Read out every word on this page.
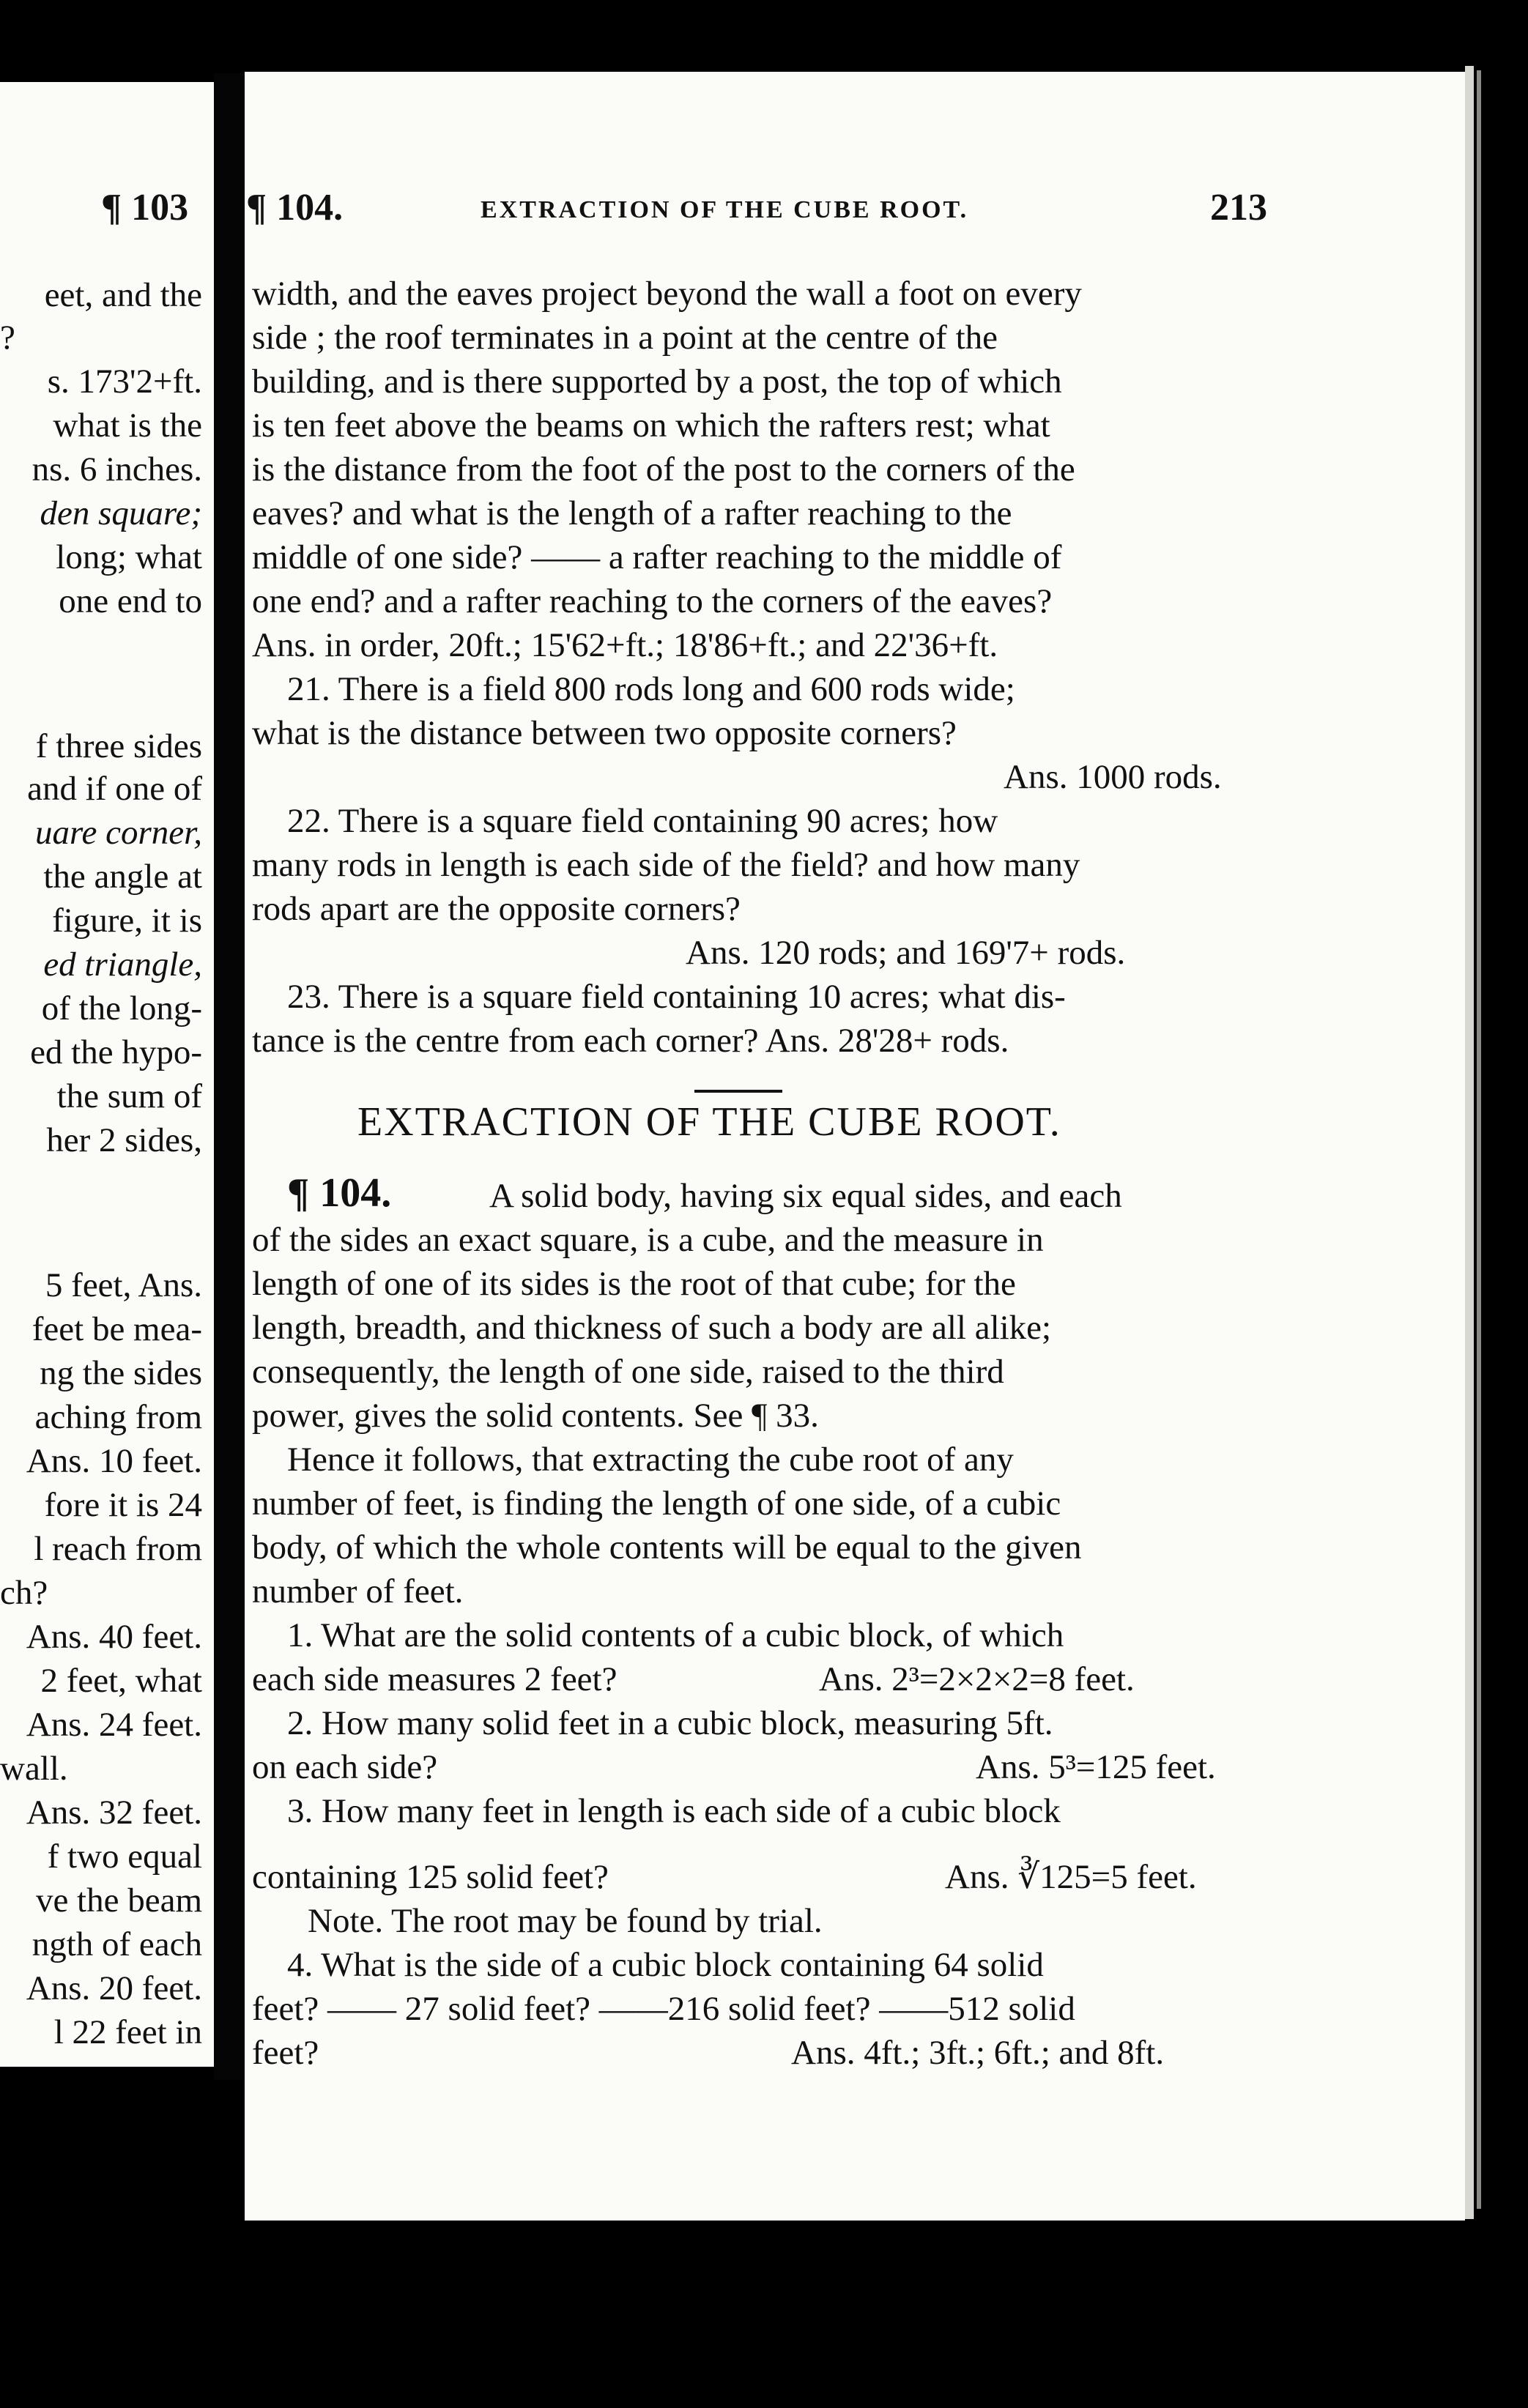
¶ 103
eet, and the
?
s. 173'2+ft.
what is the
ns. 6 inches.
den square;
long; what
one end to
f three sides
and if one of
uare corner,
the angle at
figure, it is
ed triangle,
of the long-
ed the hypo-
the sum of
her 2 sides,
5 feet, Ans.
feet be mea-
ng the sides
aching from
Ans. 10 feet.
fore it is 24
l reach from
ch?
Ans. 40 feet.
2 feet, what
Ans. 24 feet.
wall.
Ans. 32 feet.
f two equal
ve the beam
ngth of each
Ans. 20 feet.
l 22 feet in
¶ 104.	EXTRACTION OF THE CUBE ROOT.	213
width, and the eaves project beyond the wall a foot on every
side ; the roof terminates in a point at the centre of the
building, and is there supported by a post, the top of which
is ten feet above the beams on which the rafters rest; what
is the distance from the foot of the post to the corners of the
eaves? and what is the length of a rafter reaching to the
middle of one side? —— a rafter reaching to the middle of
one end? and a rafter reaching to the corners of the eaves?
Ans. in order, 20ft.; 15'62+ft.; 18'86+ft.; and 22'36+ft.
21. There is a field 800 rods long and 600 rods wide;
what is the distance between two opposite corners?
Ans. 1000 rods.
22. There is a square field containing 90 acres; how
many rods in length is each side of the field? and how many
rods apart are the opposite corners?
Ans. 120 rods; and 169'7+ rods.
23. There is a square field containing 10 acres; what dis-
tance is the centre from each corner? Ans. 28'28+ rods.
EXTRACTION OF THE CUBE ROOT.
¶ 104.	A solid body, having six equal sides, and each
of the sides an exact square, is a cube, and the measure in
length of one of its sides is the root of that cube; for the
length, breadth, and thickness of such a body are all alike;
consequently, the length of one side, raised to the third
power, gives the solid contents. See ¶ 33.
Hence it follows, that extracting the cube root of any
number of feet, is finding the length of one side, of a cubic
body, of which the whole contents will be equal to the given
number of feet.
1. What are the solid contents of a cubic block, of which
each side measures 2 feet?	Ans. 2³=2×2×2=8 feet.
2. How many solid feet in a cubic block, measuring 5ft.
on each side?	Ans. 5³=125 feet.
3. How many feet in length is each side of a cubic block
containing 125 solid feet?	Ans. ∛125=5 feet.
Note. The root may be found by trial.
4. What is the side of a cubic block containing 64 solid
feet? —— 27 solid feet? ——216 solid feet? ——512 solid
feet?	Ans. 4ft.; 3ft.; 6ft.; and 8ft.
